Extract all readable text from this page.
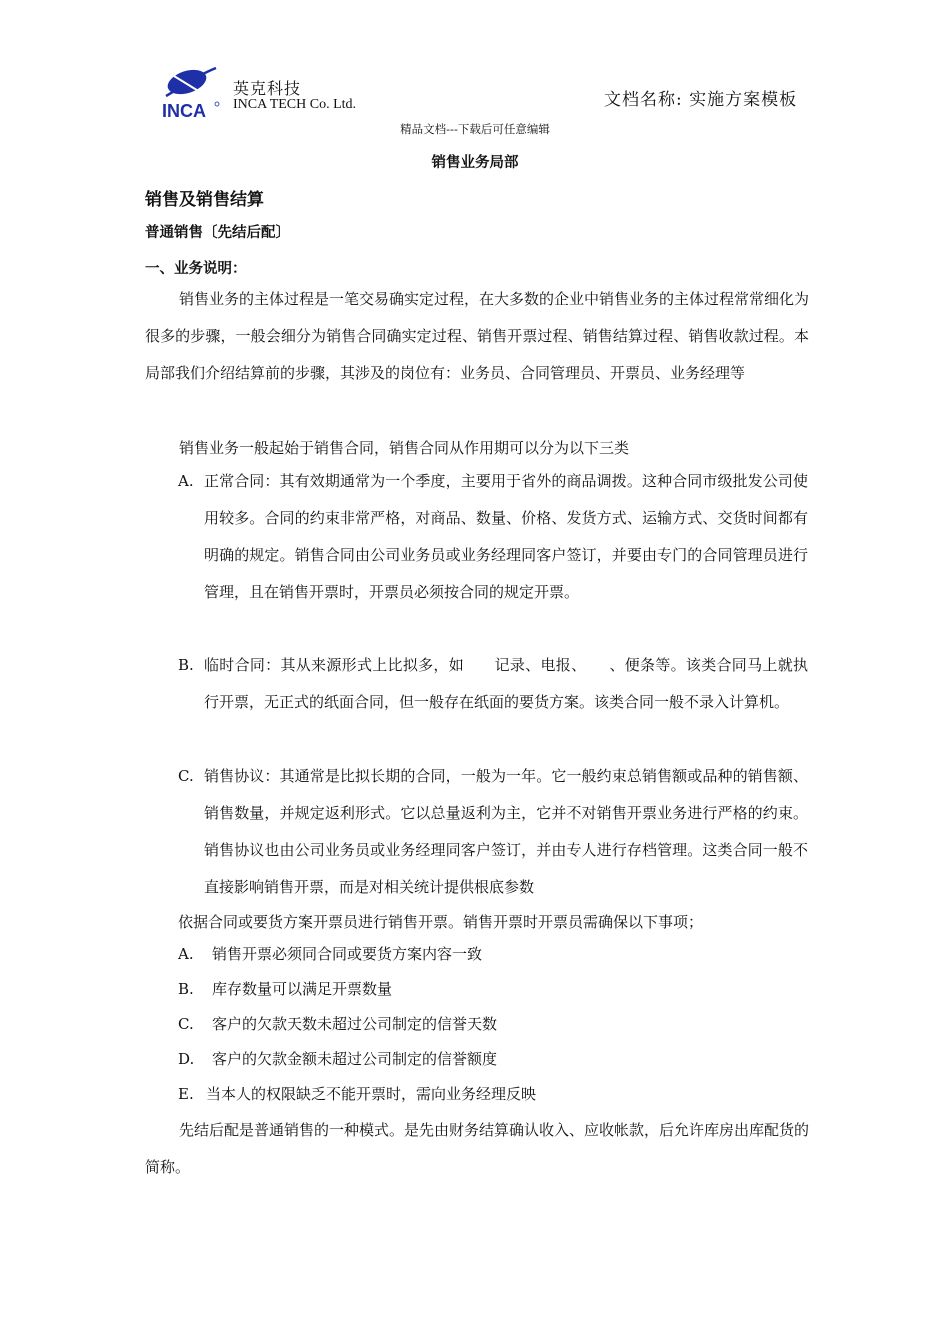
INCA
英克科技
INCA TECH Co. Ltd.	文档名称: 实施方案模板
精品文档---下载后可任意编辑
销售业务局部
销售及销售结算
普通销售〔先结后配〕
一、业务说明：

销售业务的主体过程是一笔交易确实定过程，在大多数的企业中销售业务的主体过程常常细化为很多的步骤，一般会细分为销售合同确实定过程、销售开票过程、销售结算过程、销售收款过程。本局部我们介绍结算前的步骤，其涉及的岗位有：业务员、合同管理员、开票员、业务经理等

销售业务一般起始于销售合同，销售合同从作用期可以分为以下三类

A. 正常合同：其有效期通常为一个季度，主要用于省外的商品调拨。这种合同市级批发公司使用较多。合同的约束非常严格，对商品、数量、价格、发货方式、运输方式、交货时间都有明确的规定。销售合同由公司业务员或业务经理同客户签订，并要由专门的合同管理员进行管理，且在销售开票时，开票员必须按合同的规定开票。
B. 临时合同：其从来源形式上比拟多，如　　记录、电报、　　、便条等。该类合同马上就执行开票，无正式的纸面合同，但一般存在纸面的要货方案。该类合同一般不录入计算机。
C. 销售协议：其通常是比拟长期的合同，一般为一年。它一般约束总销售额或品种的销售额、销售数量，并规定返利形式。它以总量返利为主，它并不对销售开票业务进行严格的约束。销售协议也由公司业务员或业务经理同客户签订，并由专人进行存档管理。这类合同一般不直接影响销售开票，而是对相关统计提供根底参数
依据合同或要货方案开票员进行销售开票。销售开票时开票员需确保以下事项；
A. 销售开票必须同合同或要货方案内容一致
B. 库存数量可以满足开票数量
C. 客户的欠款天数未超过公司制定的信誉天数
D. 客户的欠款金额未超过公司制定的信誉额度
E. 当本人的权限缺乏不能开票时，需向业务经理反映

先结后配是普通销售的一种模式。是先由财务结算确认收入、应收帐款，后允许库房出库配货的简称。
